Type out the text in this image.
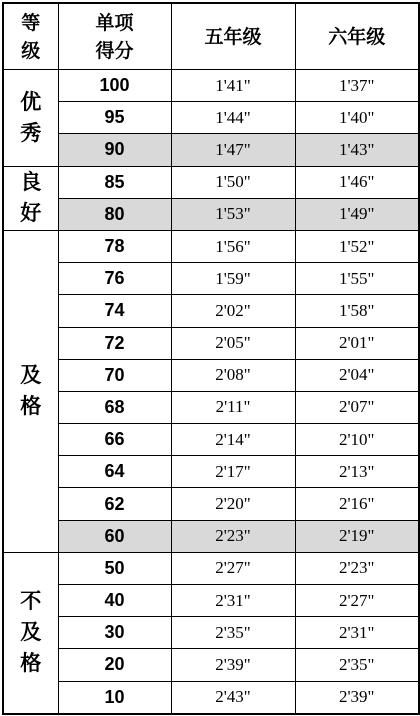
等级	单项得分	五年级	六年级

优
秀	100	1'41"	1'37"
	95	1'44"	1'40"
	90	1'47"	1'43"

良
好	85	1'50"	1'46"
	80	1'53"	1'49"

及
格	78	1'56"	1'52"
	76	1'59"	1'55"
	74	2'02"	1'58"
	72	2'05"	2'01"
	70	2'08"	2'04"
	68	2'11"	2'07"
	66	2'14"	2'10"
	64	2'17"	2'13"
	62	2'20"	2'16"
	60	2'23"	2'19"

不
及
格	50	2'27"	2'23"
	40	2'31"	2'27"
	30	2'35"	2'31"
	20	2'39"	2'35"
	10	2'43"	2'39"
